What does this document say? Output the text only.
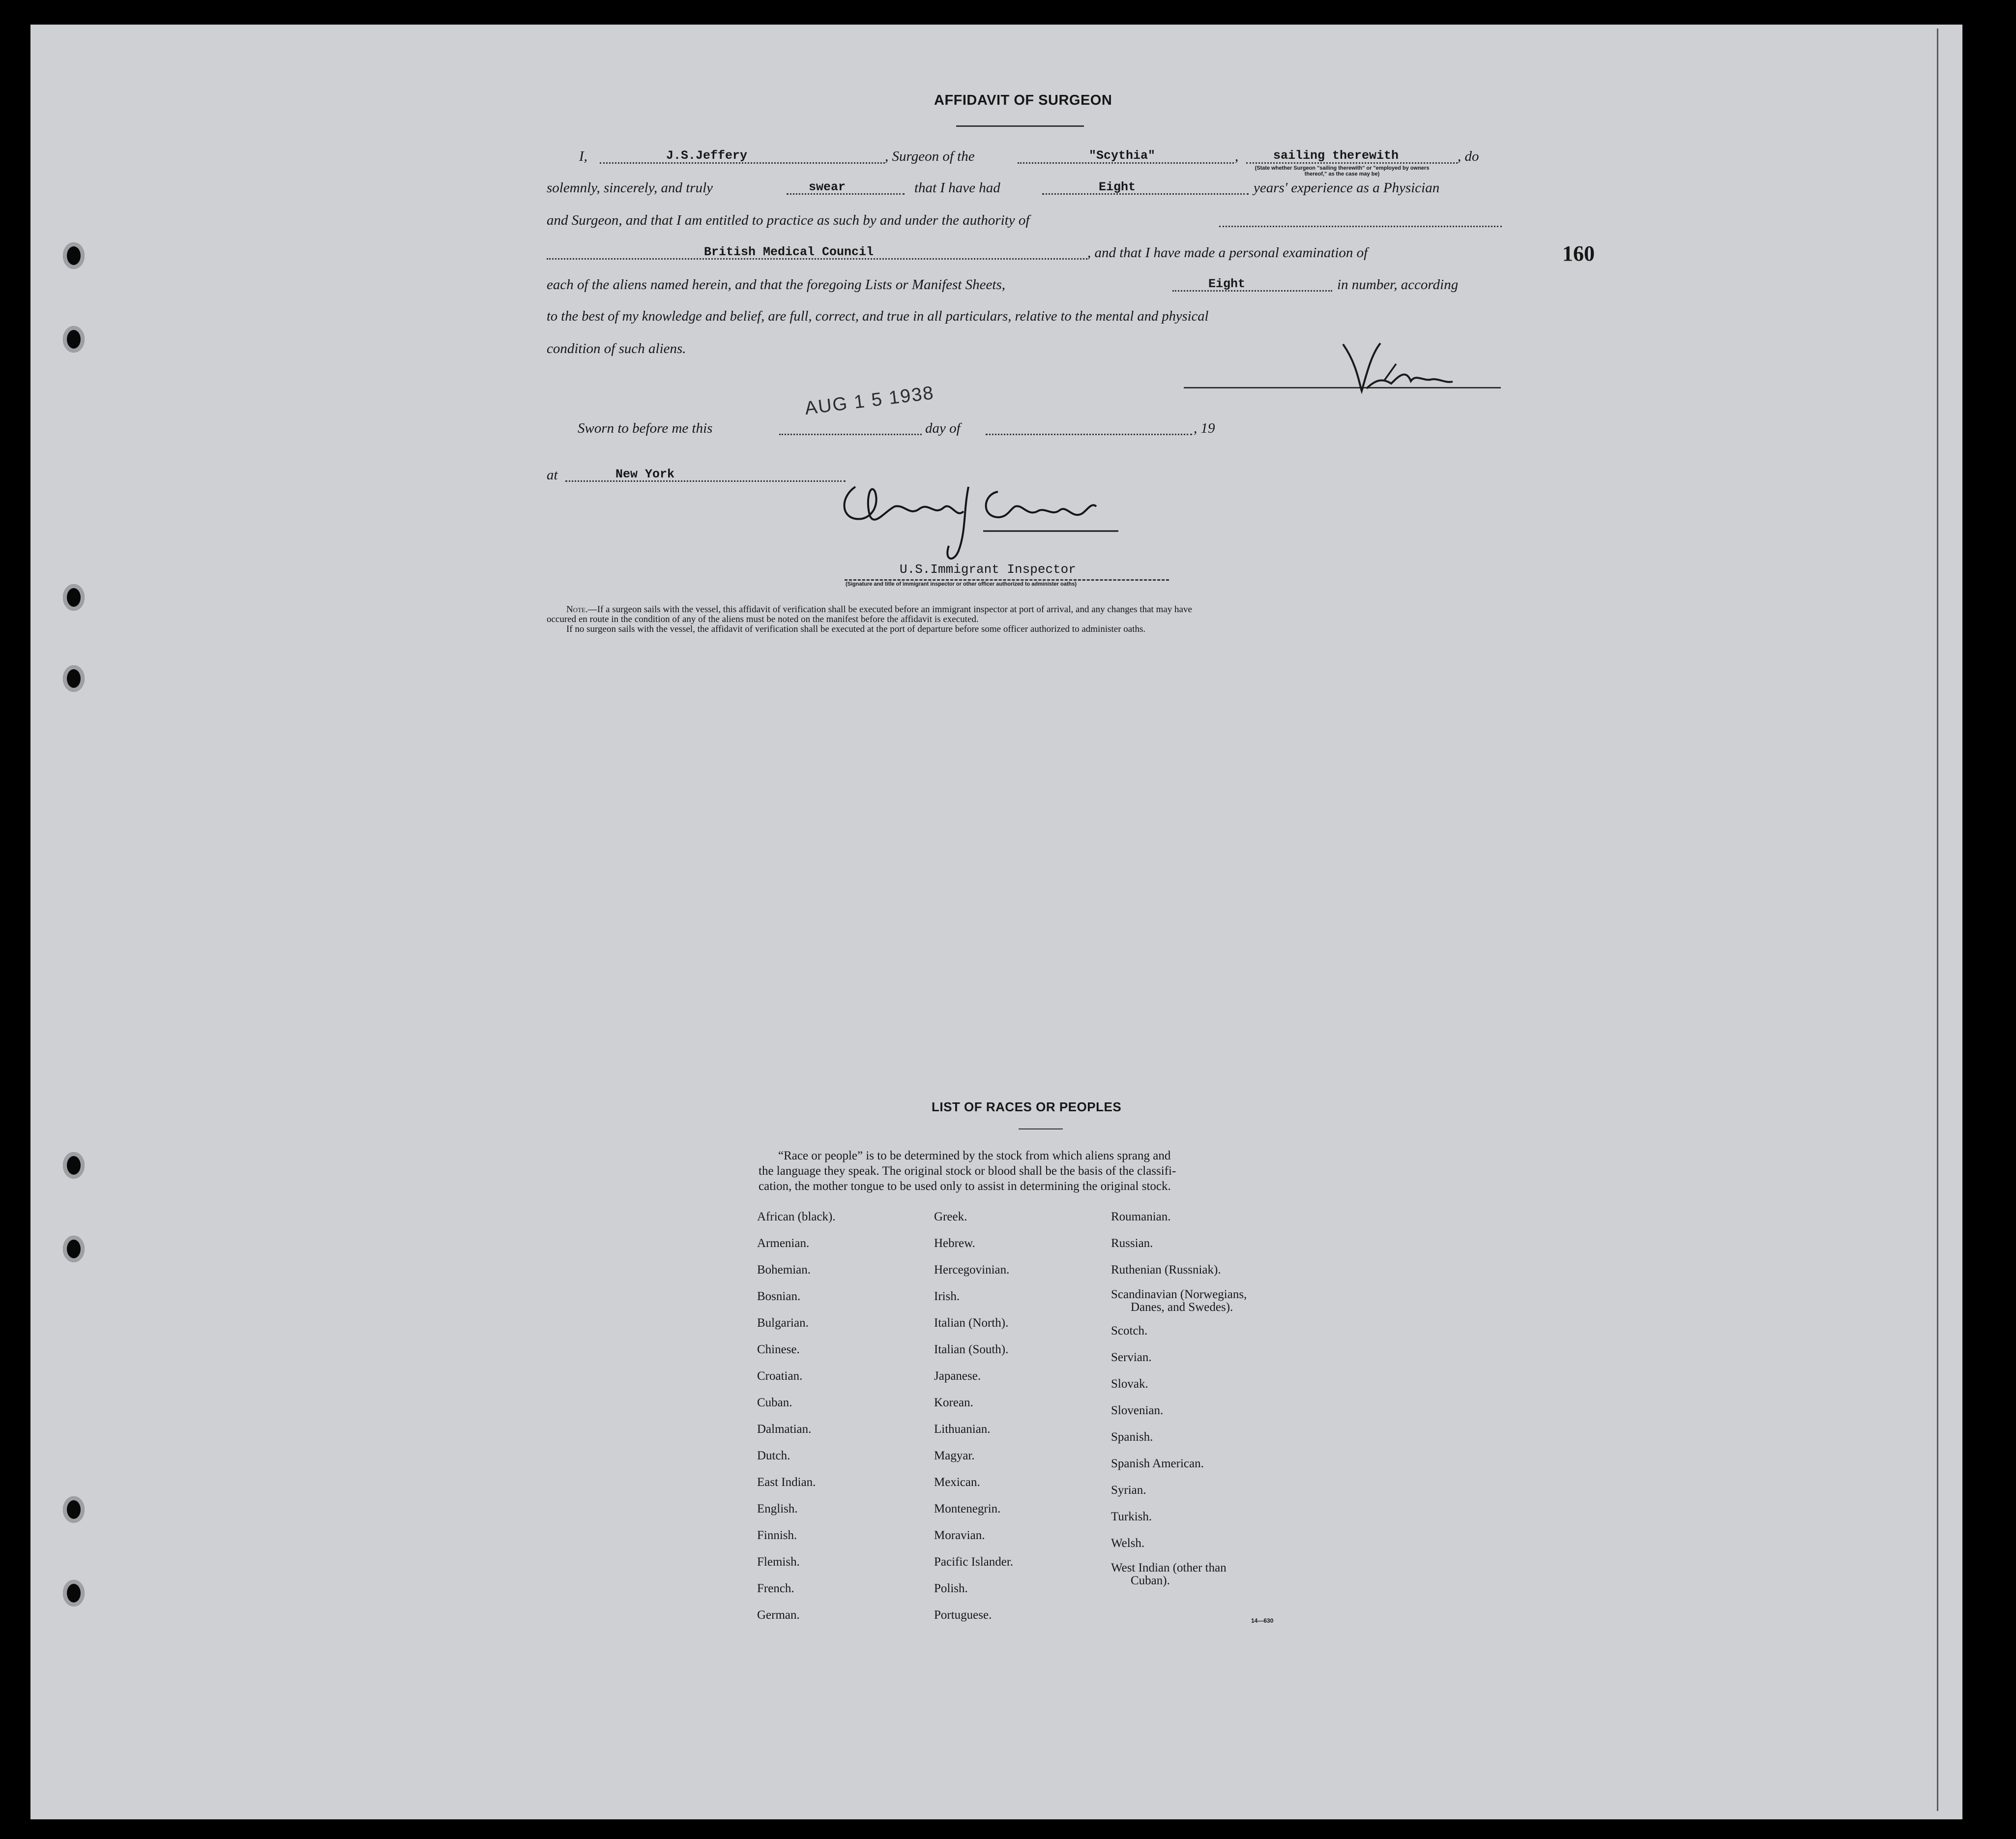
160
AFFIDAVIT OF SURGEON
I,	J.S.Jeffery	, Surgeon of the	"Scythia"	,	sailing therewith	, do
(State whether Surgeon "sailing therewith" or "employed by owners thereof," as the case may be)
solemnly, sincerely, and truly	swear	that I have had	Eight	years' experience as a Physician
and Surgeon, and that I am entitled to practice as such by and under the authority of
British Medical Council	, and that I have made a personal examination of
each of the aliens named herein, and that the foregoing Lists or Manifest Sheets,	Eight	in number, according
to the best of my knowledge and belief, are full, correct, and true in all particulars, relative to the mental and physical
condition of such aliens.
Sworn to before me this
AUG 1 5 1938
day of	, 19
at	New York
U.S.Immigrant Inspector
(Signature and title of immigrant inspector or other officer authorized to administer oaths)
Note.—If a surgeon sails with the vessel, this affidavit of verification shall be executed before an immigrant inspector at port of arrival, and any changes that may have
occured en route in the condition of any of the aliens must be noted on the manifest before the affidavit is executed.
If no surgeon sails with the vessel, the affidavit of verification shall be executed at the port of departure before some officer authorized to administer oaths.
LIST OF RACES OR PEOPLES
“Race or people” is to be determined by the stock from which aliens sprang and
the language they speak. The original stock or blood shall be the basis of the classifi-
cation, the mother tongue to be used only to assist in determining the original stock.
African (black).
Armenian.
Bohemian.
Bosnian.
Bulgarian.
Chinese.
Croatian.
Cuban.
Dalmatian.
Dutch.
East Indian.
English.
Finnish.
Flemish.
French.
German.
Greek.
Hebrew.
Hercegovinian.
Irish.
Italian (North).
Italian (South).
Japanese.
Korean.
Lithuanian.
Magyar.
Mexican.
Montenegrin.
Moravian.
Pacific Islander.
Polish.
Portuguese.
Roumanian.
Russian.
Ruthenian (Russniak).
Scandinavian (Norwegians,
Danes, and Swedes).
Scotch.
Servian.
Slovak.
Slovenian.
Spanish.
Spanish American.
Syrian.
Turkish.
Welsh.
West Indian (other than
Cuban).
14—630
